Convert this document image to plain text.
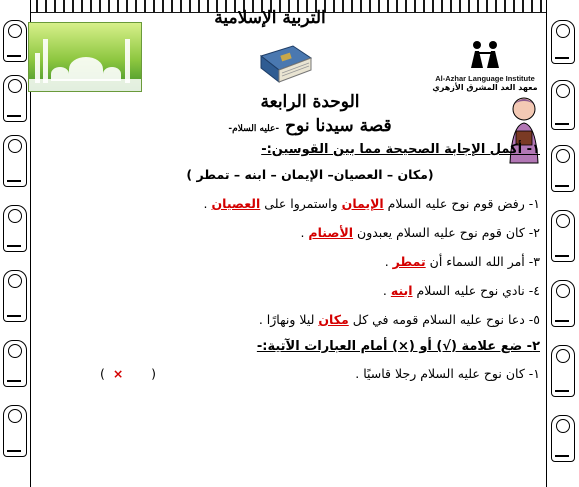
التربية الإسلامية
Al-Azhar Language Institute
معهد الغد المشرق الأزهري
الوحدة الرابعة
قصة سيدنا نوح -عليه السلام-
١- أكمل الإجابة الصحيحة مما بين القوسين:-
(مكان – العصيان– الإيمان – ابنه – تمطر )
١- رفض قوم نوح عليه السلام الإيمان واستمروا على العصيان .
٢- كان قوم نوح عليه السلام يعبدون الأصنام .
٣- أمر الله السماء أن تمطر .
٤- نادي نوح عليه السلام ابنه .
٥- دعا نوح عليه السلام قومه في كل مكان ليلا ونهارًا .
٢- ضع علامة (√) أو (×) أمام العبارات الآتية:-
١- كان نوح عليه السلام رجلا قاسيًا .
( × )
